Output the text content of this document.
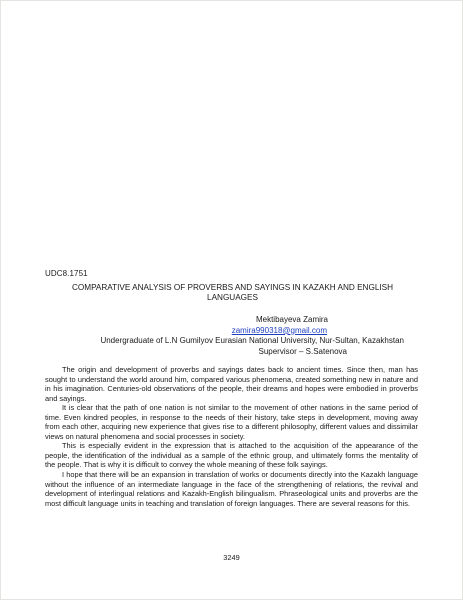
UDC8.1751
COMPARATIVE ANALYSIS OF PROVERBS AND SAYINGS IN KAZAKH AND ENGLISH LANGUAGES
Mektibayeva Zamira
zamira990318@gmail.com
Undergraduate of L.N Gumilyov Eurasian National University, Nur-Sultan, Kazakhstan
Supervisor – S.Satenova

The origin and development of proverbs and sayings dates back to ancient times. Since then, man has sought to understand the world around him, compared various phenomena, created something new in nature and in his imagination. Centuries-old observations of the people, their dreams and hopes were embodied in proverbs and sayings.

It is clear that the path of one nation is not similar to the movement of other nations in the same period of time. Even kindred peoples, in response to the needs of their history, take steps in development, moving away from each other, acquiring new experience that gives rise to a different philosophy, different values and dissimilar views on natural phenomena and social processes in society.

This is especially evident in the expression that is attached to the acquisition of the appearance of the people, the identification of the individual as a sample of the ethnic group, and ultimately forms the mentality of the people. That is why it is difficult to convey the whole meaning of these folk sayings.

I hope that there will be an expansion in translation of works or documents directly into the Kazakh language without the influence of an intermediate language in the face of the strengthening of relations, the revival and development of interlingual relations and Kazakh-English bilingualism. Phraseological units and proverbs are the most difficult language units in teaching and translation of foreign languages. There are several reasons for this.

3249
